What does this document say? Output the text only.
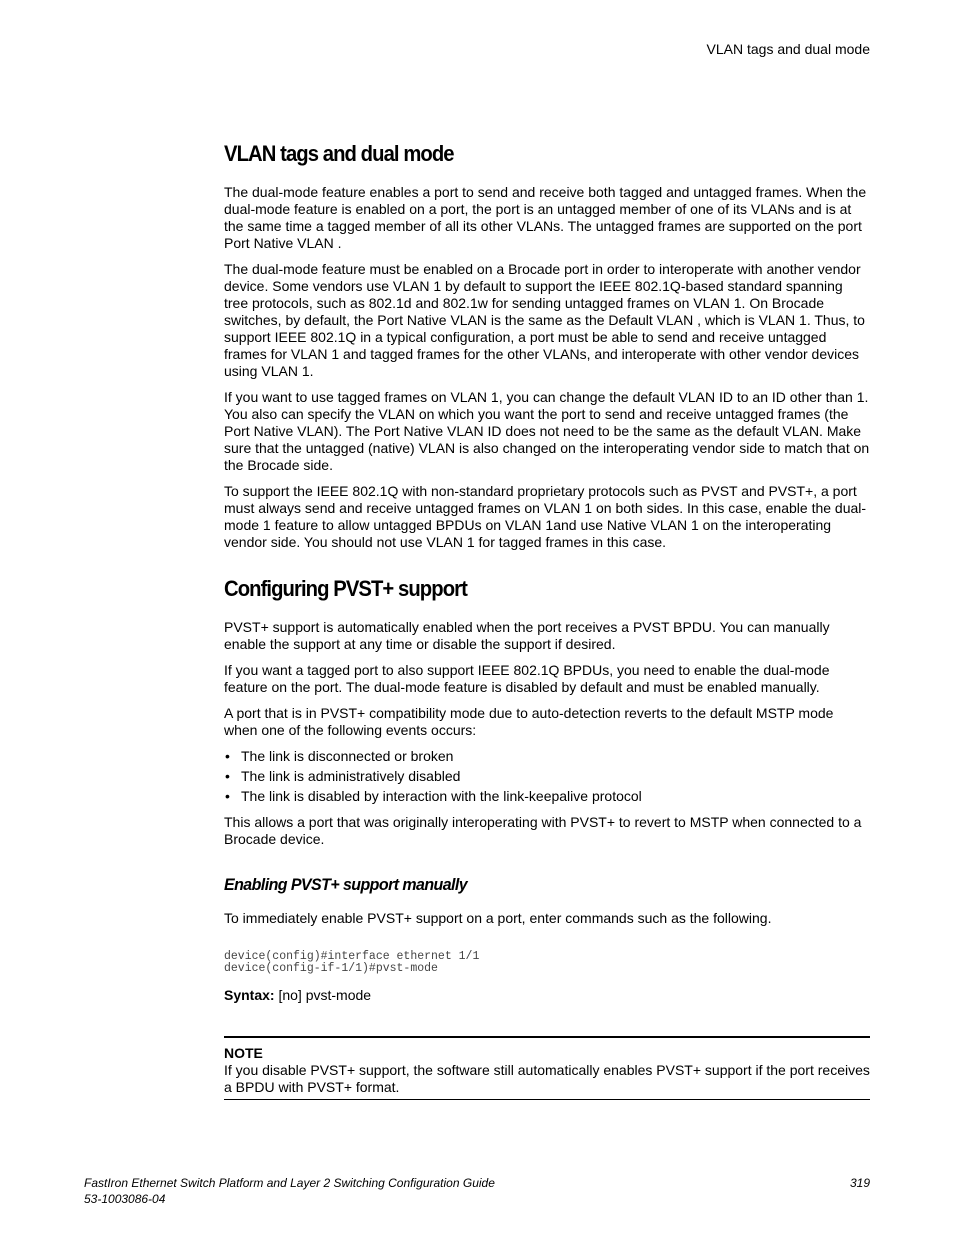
VLAN tags and dual mode
VLAN tags and dual mode

The dual-mode feature enables a port to send and receive both tagged and untagged frames. When the dual-mode feature is enabled on a port, the port is an untagged member of one of its VLANs and is at the same time a tagged member of all its other VLANs. The untagged frames are supported on the port Port Native VLAN .

The dual-mode feature must be enabled on a Brocade port in order to interoperate with another vendor device. Some vendors use VLAN 1 by default to support the IEEE 802.1Q-based standard spanning tree protocols, such as 802.1d and 802.1w for sending untagged frames on VLAN 1. On Brocade switches, by default, the Port Native VLAN is the same as the Default VLAN , which is VLAN 1. Thus, to support IEEE 802.1Q in a typical configuration, a port must be able to send and receive untagged frames for VLAN 1 and tagged frames for the other VLANs, and interoperate with other vendor devices using VLAN 1.

If you want to use tagged frames on VLAN 1, you can change the default VLAN ID to an ID other than 1. You also can specify the VLAN on which you want the port to send and receive untagged frames (the Port Native VLAN). The Port Native VLAN ID does not need to be the same as the default VLAN. Make sure that the untagged (native) VLAN is also changed on the interoperating vendor side to match that on the Brocade side.

To support the IEEE 802.1Q with non-standard proprietary protocols such as PVST and PVST+, a port must always send and receive untagged frames on VLAN 1 on both sides. In this case, enable the dual-mode 1 feature to allow untagged BPDUs on VLAN 1and use Native VLAN 1 on the interoperating vendor side. You should not use VLAN 1 for tagged frames in this case.

Configuring PVST+ support

PVST+ support is automatically enabled when the port receives a PVST BPDU. You can manually enable the support at any time or disable the support if desired.

If you want a tagged port to also support IEEE 802.1Q BPDUs, you need to enable the dual-mode feature on the port. The dual-mode feature is disabled by default and must be enabled manually.

A port that is in PVST+ compatibility mode due to auto-detection reverts to the default MSTP mode when one of the following events occurs:

• The link is disconnected or broken
• The link is administratively disabled
• The link is disabled by interaction with the link-keepalive protocol

This allows a port that was originally interoperating with PVST+ to revert to MSTP when connected to a Brocade device.

Enabling PVST+ support manually

To immediately enable PVST+ support on a port, enter commands such as the following.

device(config)#interface ethernet 1/1
device(config-if-1/1)#pvst-mode

Syntax: [no] pvst-mode

NOTE

If you disable PVST+ support, the software still automatically enables PVST+ support if the port receives a BPDU with PVST+ format.

FastIron Ethernet Switch Platform and Layer 2 Switching Configuration Guide
53-1003086-04
319
